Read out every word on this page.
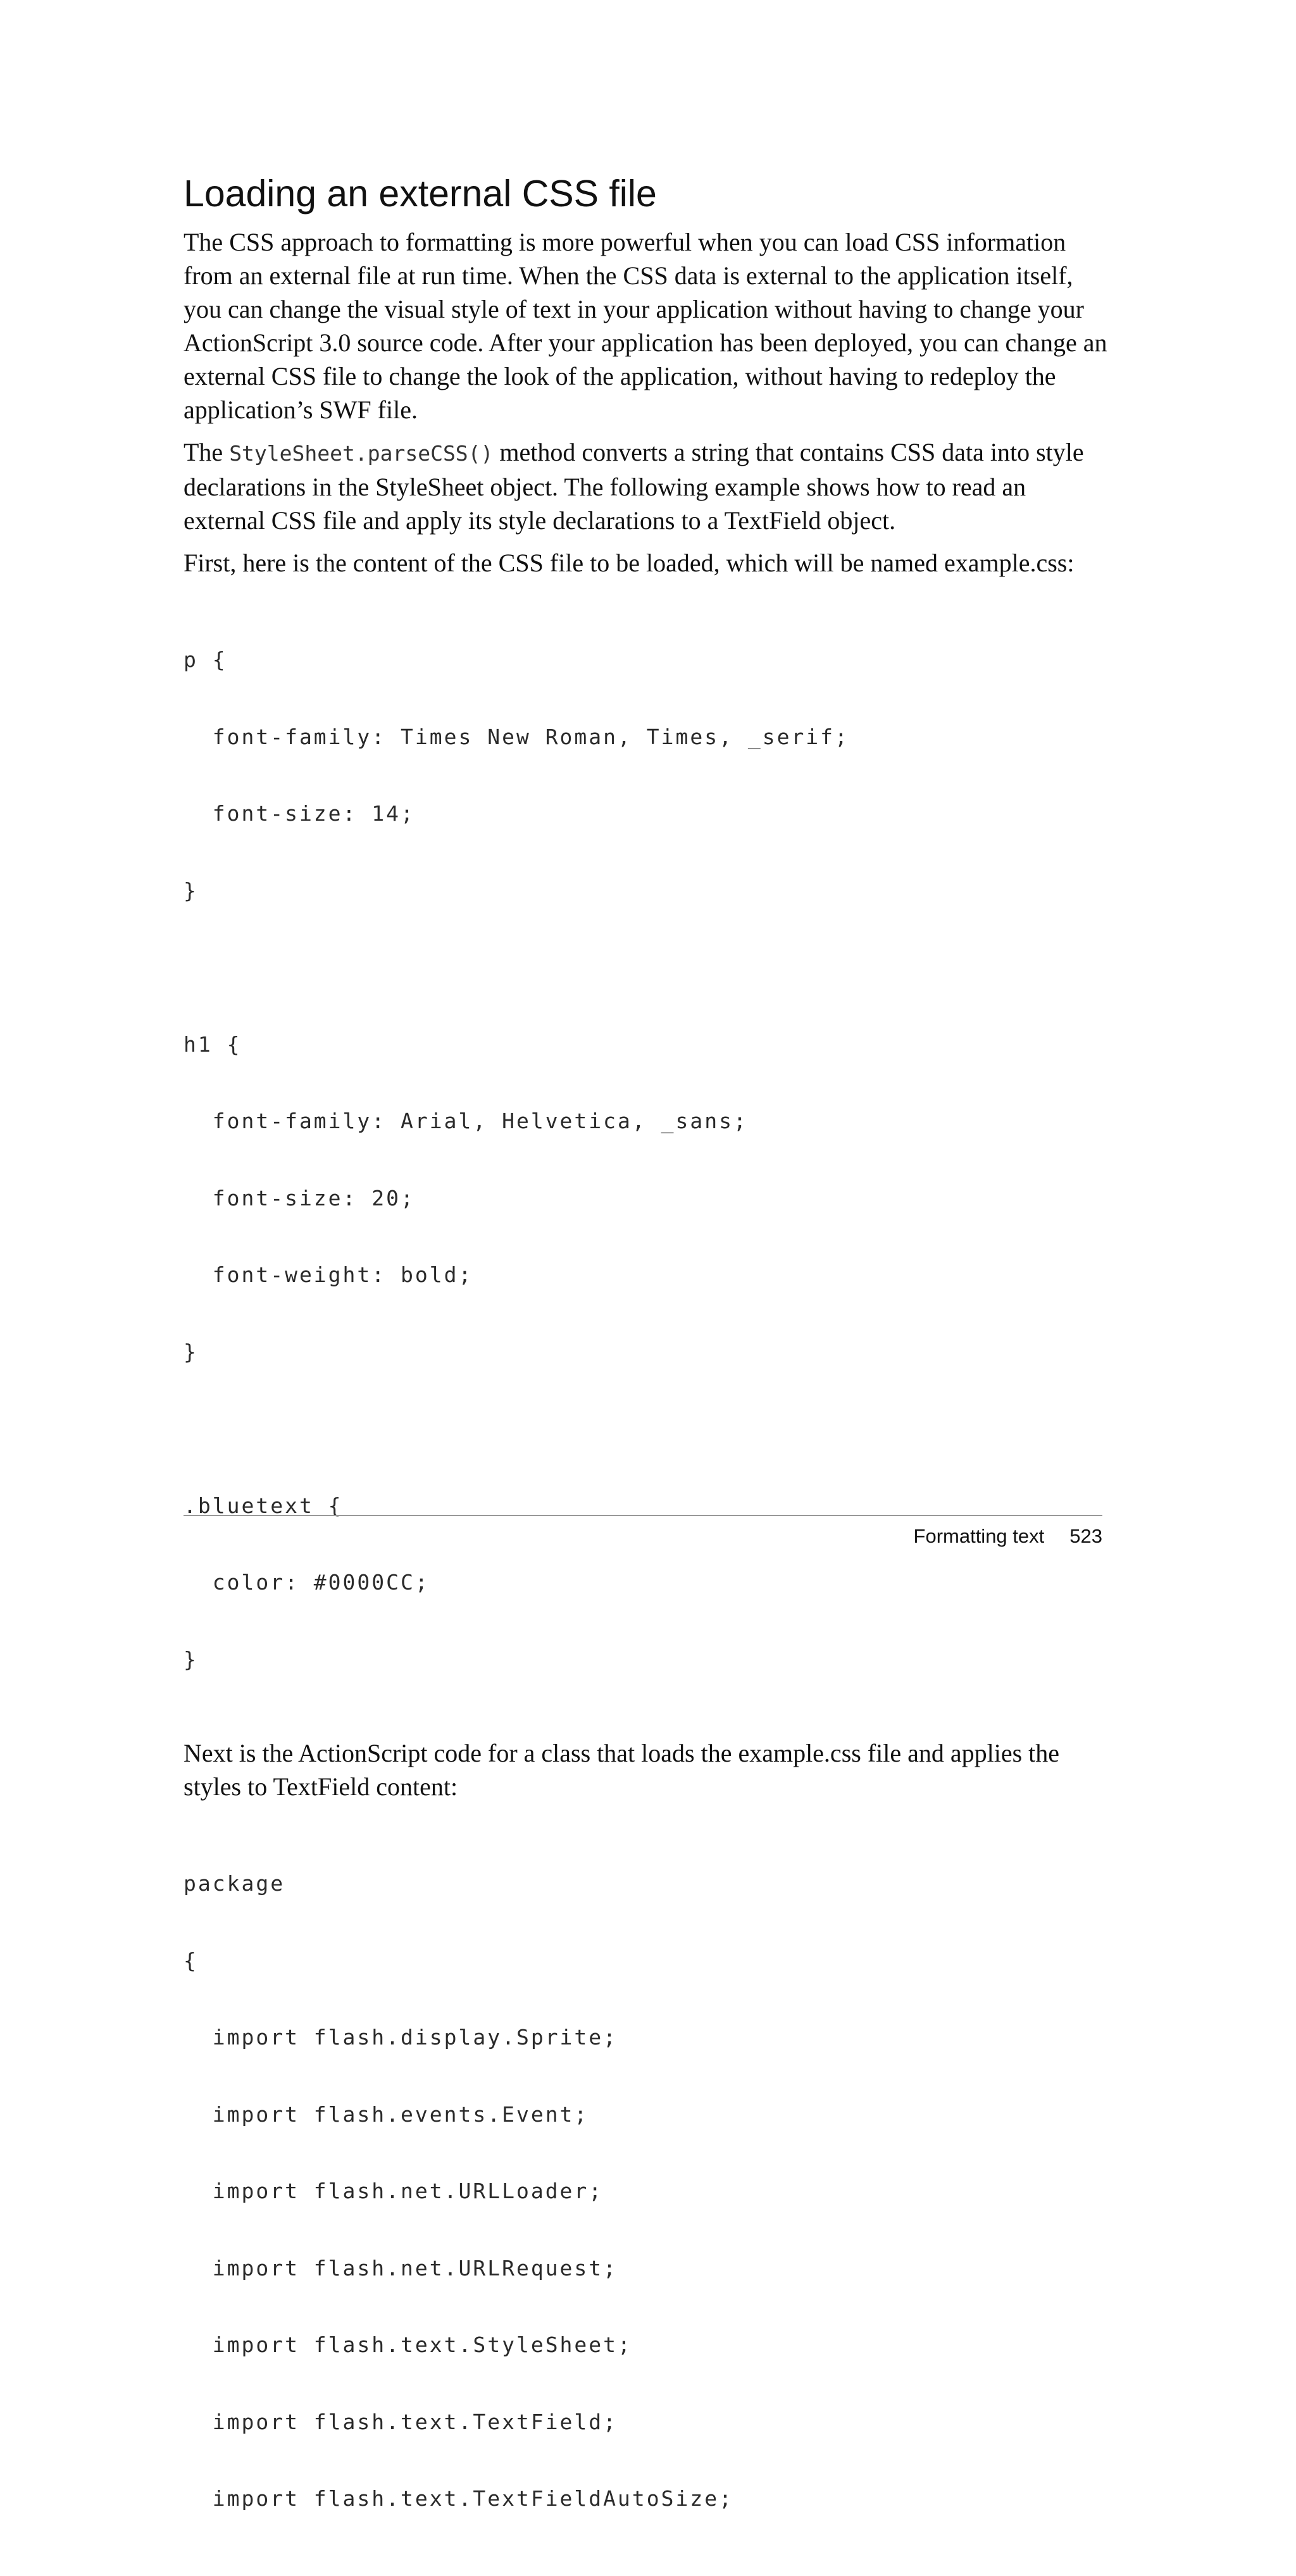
Loading an external CSS file

The CSS approach to formatting is more powerful when you can load CSS information from an external file at run time. When the CSS data is external to the application itself, you can change the visual style of text in your application without having to change your ActionScript 3.0 source code. After your application has been deployed, you can change an external CSS file to change the look of the application, without having to redeploy the application’s SWF file.

The StyleSheet.parseCSS() method converts a string that contains CSS data into style declarations in the StyleSheet object. The following example shows how to read an external CSS file and apply its style declarations to a TextField object.

First, here is the content of the CSS file to be loaded, which will be named example.css:

p {

font-family: Times New Roman, Times, _serif;

font-size: 14;

}

h1 {

font-family: Arial, Helvetica, _sans;

font-size: 20;

font-weight: bold;

}

.bluetext {

color: #0000CC;

}

Next is the ActionScript code for a class that loads the example.css file and applies the styles to TextField content:

package

{

import flash.display.Sprite;

import flash.events.Event;

import flash.net.URLLoader;

import flash.net.URLRequest;

import flash.text.StyleSheet;

import flash.text.TextField;

import flash.text.TextFieldAutoSize;

Formatting text 523
